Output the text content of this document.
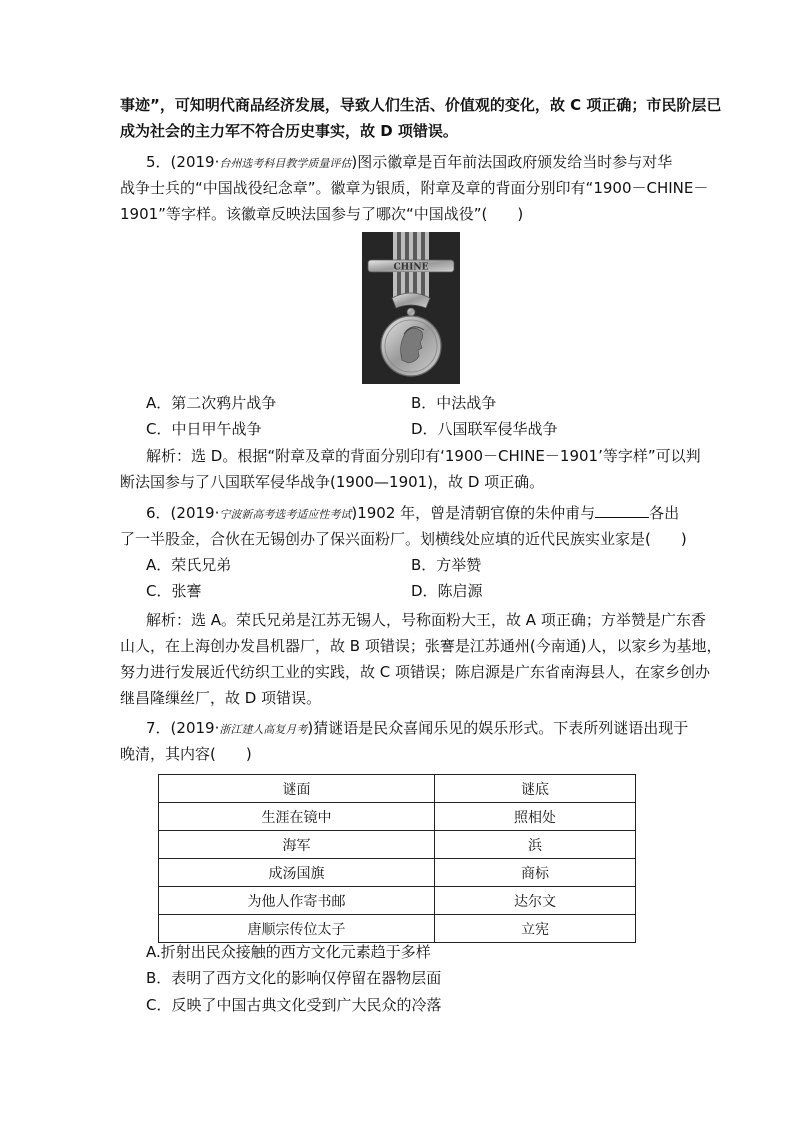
事迹”，可知明代商品经济发展，导致人们生活、价值观的变化，故 C 项正确；市民阶层已
成为社会的主力军不符合历史事实，故 D 项错误。
5．(2019·台州选考科目教学质量评估)图示徽章是百年前法国政府颁发给当时参与对华
战争士兵的“中国战役纪念章”。徽章为银质，附章及章的背面分别印有“1900－CHINE－
1901”等字样。该徽章反映法国参与了哪次“中国战役”(　　)
CHINE
A．第二次鸦片战争	B．中法战争
C．中日甲午战争	D．八国联军侵华战争
解析：选 D。根据“附章及章的背面分别印有‘1900－CHINE－1901’等字样”可以判
断法国参与了八国联军侵华战争(1900—1901)，故 D 项正确。
6．(2019·宁波新高考选考适应性考试)1902 年，曾是清朝官僚的朱仲甫与	各出
了一半股金，合伙在无锡创办了保兴面粉厂。划横线处应填的近代民族实业家是(　　)
A．荣氏兄弟	B．方举赞
C．张謇	D．陈启源
解析：选 A。荣氏兄弟是江苏无锡人，号称面粉大王，故 A 项正确；方举赞是广东香
山人，在上海创办发昌机器厂，故 B 项错误；张謇是江苏通州(今南通)人，以家乡为基地，
努力进行发展近代纺织工业的实践，故 C 项错误；陈启源是广东省南海县人，在家乡创办
继昌隆缫丝厂，故 D 项错误。
7．(2019·浙江建人高复月考)猜谜语是民众喜闻乐见的娱乐形式。下表所列谜语出现于
晚清，其内容(　　)
谜面	谜底
生涯在镜中	照相处
海军	浜
成汤国旗	商标
为他人作寄书邮	达尔文
唐顺宗传位太子	立宪
A.折射出民众接触的西方文化元素趋于多样
B．表明了西方文化的影响仅停留在器物层面
C．反映了中国古典文化受到广大民众的冷落
